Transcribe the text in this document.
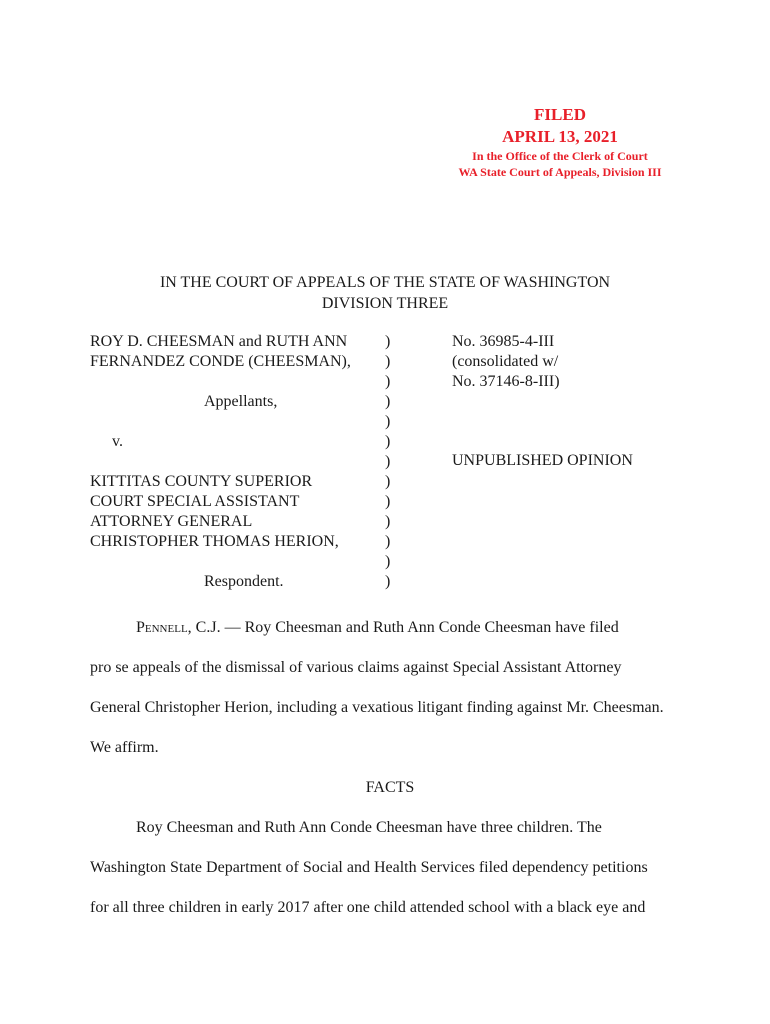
FILED
APRIL 13, 2021
In the Office of the Clerk of Court
WA State Court of Appeals, Division III
IN THE COURT OF APPEALS OF THE STATE OF WASHINGTON
DIVISION THREE
ROY D. CHEESMAN and RUTH ANN
FERNANDEZ CONDE (CHEESMAN),
Appellants,
v.
KITTITAS COUNTY SUPERIOR
COURT SPECIAL ASSISTANT
ATTORNEY GENERAL
CHRISTOPHER THOMAS HERION,
Respondent.
)
)
)
)
)
)
)
)
)
)
)
)
)
No. 36985-4-III
(consolidated w/
No. 37146-8-III)
UNPUBLISHED OPINION

Pennell, C.J. — Roy Cheesman and Ruth Ann Conde Cheesman have filed

pro se appeals of the dismissal of various claims against Special Assistant Attorney

General Christopher Herion, including a vexatious litigant finding against Mr. Cheesman.

We affirm.

FACTS

Roy Cheesman and Ruth Ann Conde Cheesman have three children. The

Washington State Department of Social and Health Services filed dependency petitions

for all three children in early 2017 after one child attended school with a black eye and
